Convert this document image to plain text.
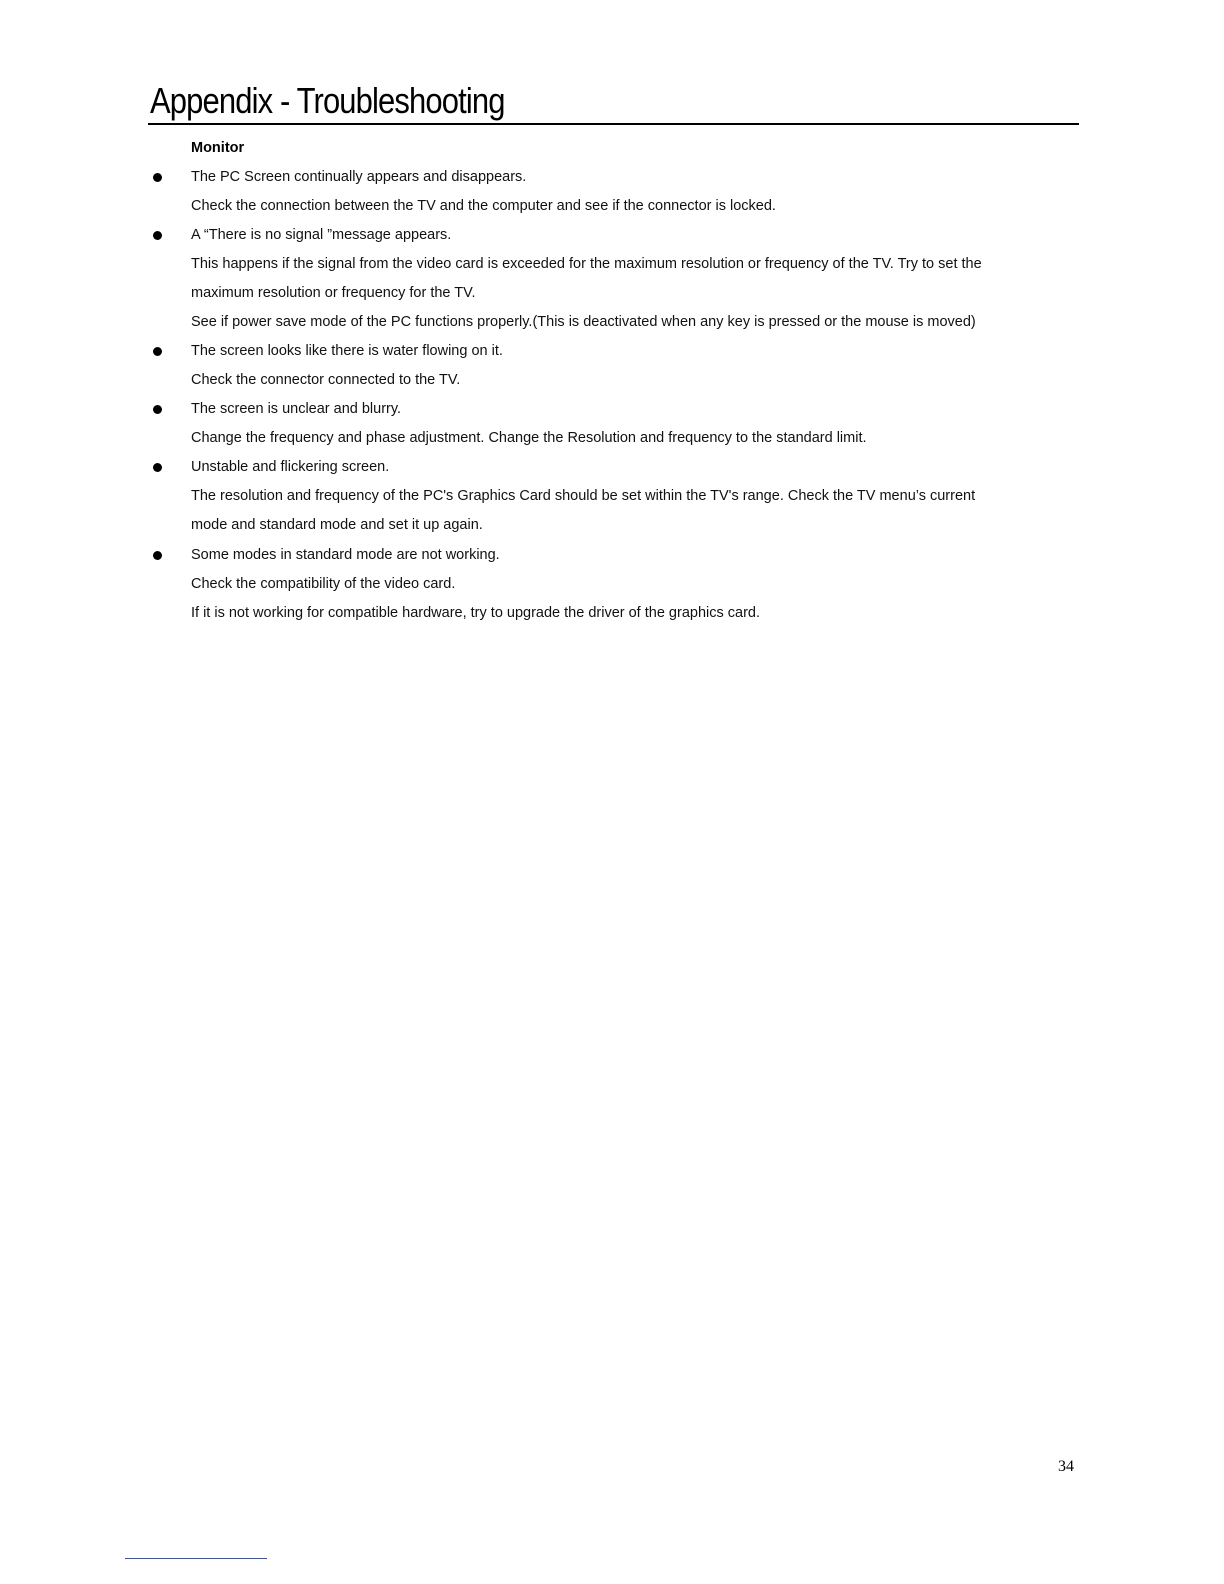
Appendix - Troubleshooting
Monitor
The PC Screen continually appears and disappears.
Check the connection between the TV and the computer and see if the connector is locked.
A “There is no signal ”message appears.
This happens if the signal from the video card is exceeded for the maximum resolution or frequency of the TV. Try to set the
maximum resolution or frequency for the TV.
See if power save mode of the PC functions properly.(This is deactivated when any key is pressed or the mouse is moved)
The screen looks like there is water flowing on it.
Check the connector connected to the TV.
The screen is unclear and blurry.
Change the frequency and phase adjustment. Change the Resolution and frequency to the standard limit.
Unstable and flickering screen.
The resolution and frequency of the PC's Graphics Card should be set within the TV's range. Check the TV menu’s current
mode and standard mode and set it up again.
Some modes in standard mode are not working.
Check the compatibility of the video card.
If it is not working for compatible hardware, try to upgrade the driver of the graphics card.
34
